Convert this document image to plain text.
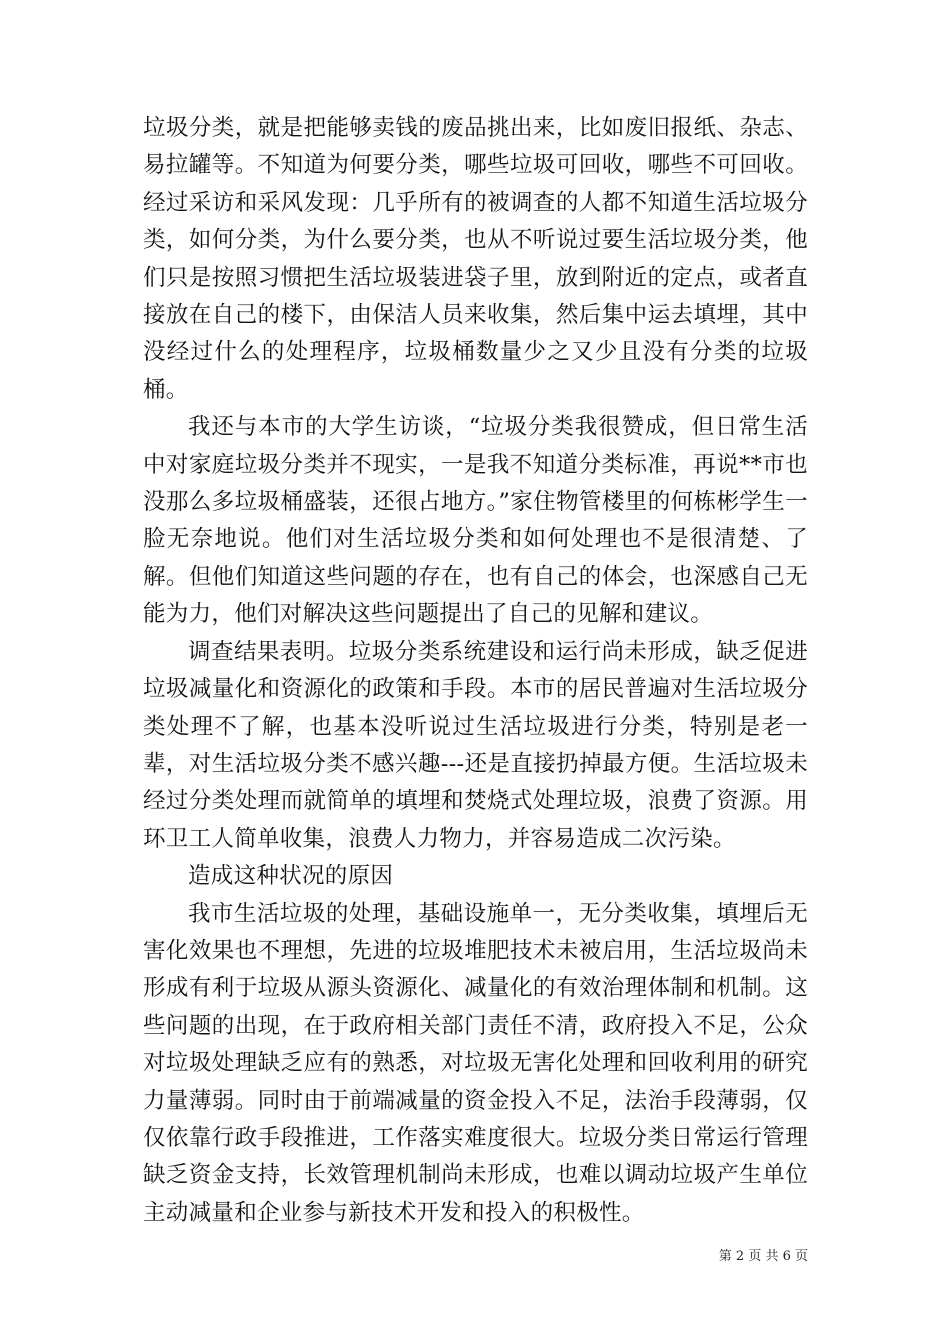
垃圾分类，就是把能够卖钱的废品挑出来，比如废旧报纸、杂志、易拉罐等。不知道为何要分类，哪些垃圾可回收，哪些不可回收。经过采访和采风发现：几乎所有的被调查的人都不知道生活垃圾分类，如何分类，为什么要分类，也从不听说过要生活垃圾分类，他们只是按照习惯把生活垃圾装进袋子里，放到附近的定点，或者直接放在自己的楼下，由保洁人员来收集，然后集中运去填埋，其中没经过什么的处理程序，垃圾桶数量少之又少且没有分类的垃圾桶。

我还与本市的大学生访谈，“垃圾分类我很赞成，但日常生活中对家庭垃圾分类并不现实，一是我不知道分类标准，再说**市也没那么多垃圾桶盛装，还很占地方。”家住物管楼里的何栋彬学生一脸无奈地说。他们对生活垃圾分类和如何处理也不是很清楚、了解。但他们知道这些问题的存在，也有自己的体会，也深感自己无能为力，他们对解决这些问题提出了自己的见解和建议。

调查结果表明。垃圾分类系统建设和运行尚未形成，缺乏促进垃圾减量化和资源化的政策和手段。本市的居民普遍对生活垃圾分类处理不了解，也基本没听说过生活垃圾进行分类，特别是老一辈，对生活垃圾分类不感兴趣---还是直接扔掉最方便。生活垃圾未经过分类处理而就简单的填埋和焚烧式处理垃圾，浪费了资源。用环卫工人简单收集，浪费人力物力，并容易造成二次污染。

造成这种状况的原因

我市生活垃圾的处理，基础设施单一，无分类收集，填埋后无害化效果也不理想，先进的垃圾堆肥技术未被启用，生活垃圾尚未形成有利于垃圾从源头资源化、减量化的有效治理体制和机制。这些问题的出现，在于政府相关部门责任不清，政府投入不足，公众对垃圾处理缺乏应有的熟悉，对垃圾无害化处理和回收利用的研究力量薄弱。同时由于前端减量的资金投入不足，法治手段薄弱，仅仅依靠行政手段推进，工作落实难度很大。垃圾分类日常运行管理缺乏资金支持，长效管理机制尚未形成，也难以调动垃圾产生单位主动减量和企业参与新技术开发和投入的积极性。

第 2 页 共 6 页
